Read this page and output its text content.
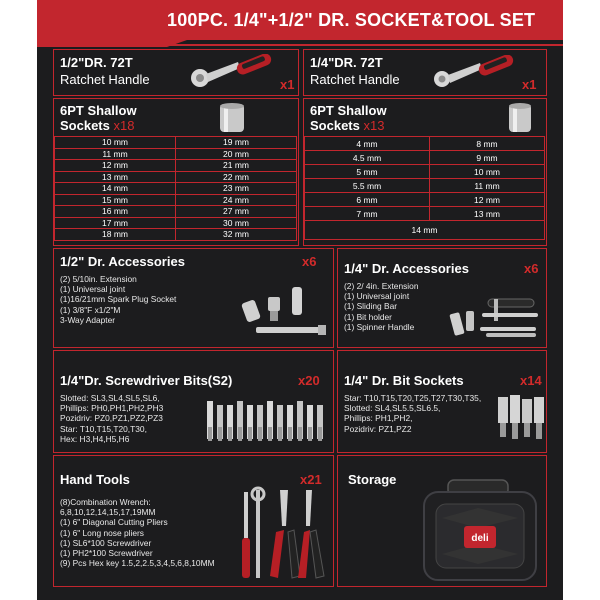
100PC. 1/4"+1/2" DR. SOCKET&TOOL SET
1/2"DR. 72T
Ratchet Handle	x1
1/4"DR. 72T
Ratchet Handle	x1
6PT Shallow
Sockets x18
10 mm	19 mm
11 mm	20 mm
12 mm	21 mm
13 mm	22 mm
14 mm	23 mm
15 mm	24 mm
16 mm	27 mm
17 mm	30 mm
18 mm	32 mm
6PT Shallow
Sockets x13
4 mm	8 mm
4.5 mm	9 mm
5 mm	10 mm
5.5 mm	11 mm
6 mm	12 mm
7 mm	13 mm
14 mm	
1/2" Dr. Accessories	x6
(2) 5/10in. Extension
(1) Universal joint
(1)16/21mm Spark Plug Socket
(1) 3/8"F x1/2"M
3-Way Adapter
1/4" Dr. Accessories	x6
(2) 2/ 4in. Extension
(1) Universal joint
(1) Sliding Bar
(1) Bit holder
(1) Spinner Handle
1/4"Dr. Screwdriver Bits(S2)	x20
Slotted: SL3,SL4,SL5,SL6,
Phillips: PH0,PH1,PH2,PH3
Pozidriv: PZ0,PZ1,PZ2,PZ3
Star: T10,T15,T20,T30,
Hex: H3,H4,H5,H6
1/4" Dr. Bit Sockets	x14
Star: T10,T15,T20,T25,T27,T30,T35,
Slotted: SL4,SL5.5,SL6.5,
Phillips: PH1,PH2,
Pozidriv: PZ1,PZ2
Hand Tools	x21
(8)Combination Wrench:
6,8,10,12,14,15,17,19MM
(1) 6" Diagonal Cutting Pliers
(1) 6" Long nose pliers
(1) SL6*100 Screwdriver
(1) PH2*100 Screwdriver
(9) Pcs Hex key 1.5,2,2.5,3,4,5,6,8,10MM
Storage
deli
